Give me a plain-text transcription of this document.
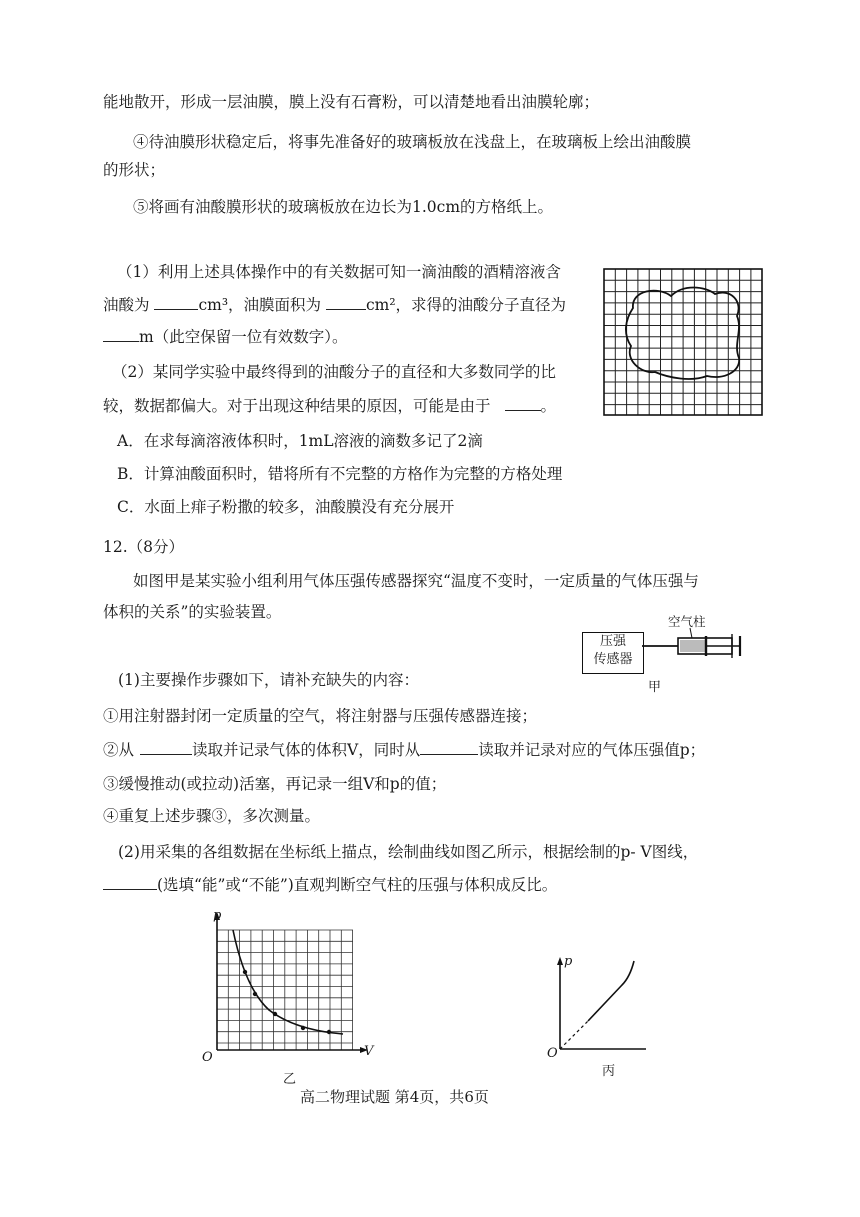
能地散开，形成一层油膜，膜上没有石膏粉，可以清楚地看出油膜轮廓；
④待油膜形状稳定后，将事先准备好的玻璃板放在浅盘上，在玻璃板上绘出油酸膜
的形状；
⑤将画有油酸膜形状的玻璃板放在边长为1.0cm的方格纸上。
（1）利用上述具体操作中的有关数据可知一滴油酸的酒精溶液含
油酸为	cm³，油膜面积为	cm²，求得的油酸分子直径为
m（此空保留一位有效数字）。
（2）某同学实验中最终得到的油酸分子的直径和大多数同学的比
较，数据都偏大。对于出现这种结果的原因，可能是由于	。
A．在求每滴溶液体积时，1mL溶液的滴数多记了2滴
B．计算油酸面积时，错将所有不完整的方格作为完整的方格处理
C．水面上痱子粉撒的较多，油酸膜没有充分展开
12.（8分）
如图甲是某实验小组利用气体压强传感器探究“温度不变时，一定质量的气体压强与
体积的关系”的实验装置。
压强
传感器
空气柱
甲
(1)主要操作步骤如下，请补充缺失的内容：
①用注射器封闭一定质量的空气，将注射器与压强传感器连接；
②从	读取并记录气体的体积V，同时从	读取并记录对应的气体压强值p；
③缓慢推动(或拉动)活塞，再记录一组V和p的值；
④重复上述步骤③，多次测量。
(2)用采集的各组数据在坐标纸上描点，绘制曲线如图乙所示，根据绘制的p- V图线，
(选填“能”或“不能”)直观判断空气柱的压强与体积成反比。
p
V
O
乙
p
O
丙
高二物理试题 第4页，共6页
